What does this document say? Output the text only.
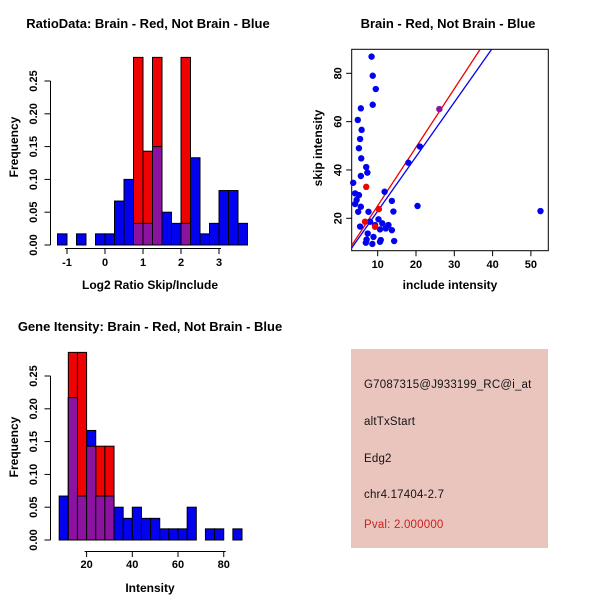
0.00
0.05
0.10
0.15
0.20
0.25
-1	0	1	2	3	10 20 30 40 50
20
40
60
80
0.00
0.05
0.10
0.15
0.20
0.25
20	40	60	80
RatioData: Brain - Red, Not Brain - Blue
Log2 Ratio Skip/Include
Frequency
Brain - Red, Not Brain - Blue
include intensity
skip intensity
Gene Itensity: Brain - Red, Not Brain - Blue
Intensity
Frequency
G7087315@J933199_RC@i_at
altTxStart
Edg2
chr4.17404-2.7
Pval: 2.000000
